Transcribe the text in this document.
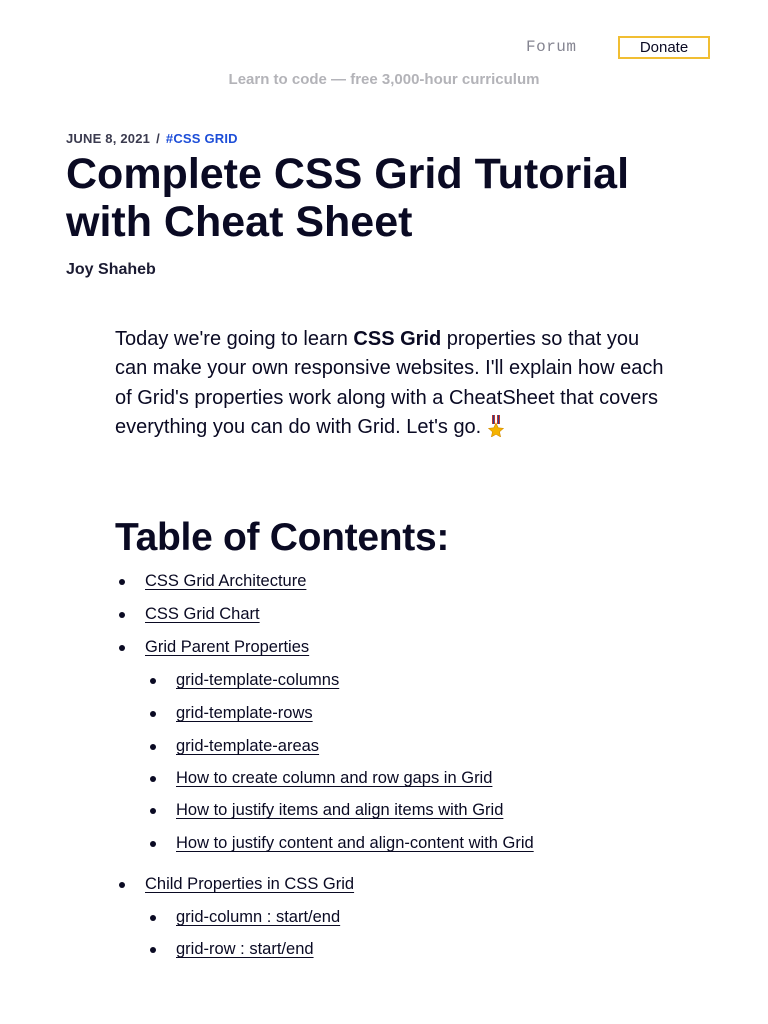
Forum	Donate
Learn to code — free 3,000-hour curriculum
JUNE 8, 2021 / #CSS GRID
Complete CSS Grid Tutorial
with Cheat Sheet
Joy Shaheb

Today we're going to learn CSS Grid properties so that you can make your own responsive websites. I'll explain how each of Grid's properties work along with a CheatSheet that covers everything you can do with Grid. Let's go.

Table of Contents:
CSS Grid Architecture
CSS Grid Chart
Grid Parent Properties
grid-template-columns
grid-template-rows
grid-template-areas
How to create column and row gaps in Grid
How to justify items and align items with Grid
How to justify content and align-content with Grid
Child Properties in CSS Grid
grid-column : start/end
grid-row : start/end
